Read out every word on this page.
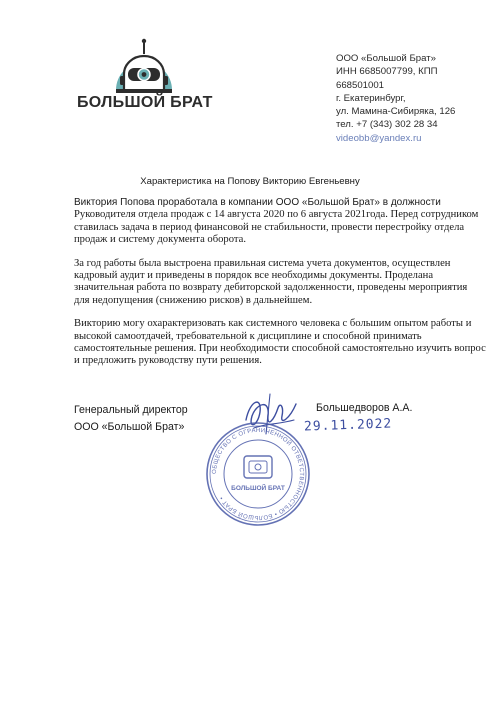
БОЛЬШОЙ БРАТ
ООО «Большой Брат»
ИНН 6685007799, КПП
668501001
г. Екатеринбург,
ул. Мамина-Сибиряка, 126
тел. +7 (343) 302 28 34
videobb@yandex.ru
Характеристика на Попову Викторию Евгеньевну

Виктория Попова проработала в компании ООО «Большой Брат» в должности
Руководителя отдела продаж с 14 августа 2020 по 6 августа 2021года. Перед сотрудником
ставилась задача в период финансовой не стабильности, провести перестройку отдела
продаж и систему документа оборота.

За год работы была выстроена правильная система учета документов, осуществлен
кадровый аудит и приведены в порядок все необходимы документы. Проделана
значительная работа по возврату дебиторской задолженности, проведены мероприятия
для недопущения (снижению рисков) в дальнейшем.

Викторию могу охарактеризовать как системного человека с большим опытом работы и
высокой самоотдачей, требовательной к дисциплине и способной принимать
самостоятельные решения. При необходимости способной самостоятельно изучить вопрос
и предложить руководству пути решения.

Генеральный директор
ООО «Большой Брат»
Большедворов А.А.
29.11.2022
ОБЩЕСТВО С ОГРАНИЧЕННОЙ ОТВЕТСТВЕННОСТЬЮ • БОЛЬШОЙ БРАТ •
БОЛЬШОЙ БРАТ
